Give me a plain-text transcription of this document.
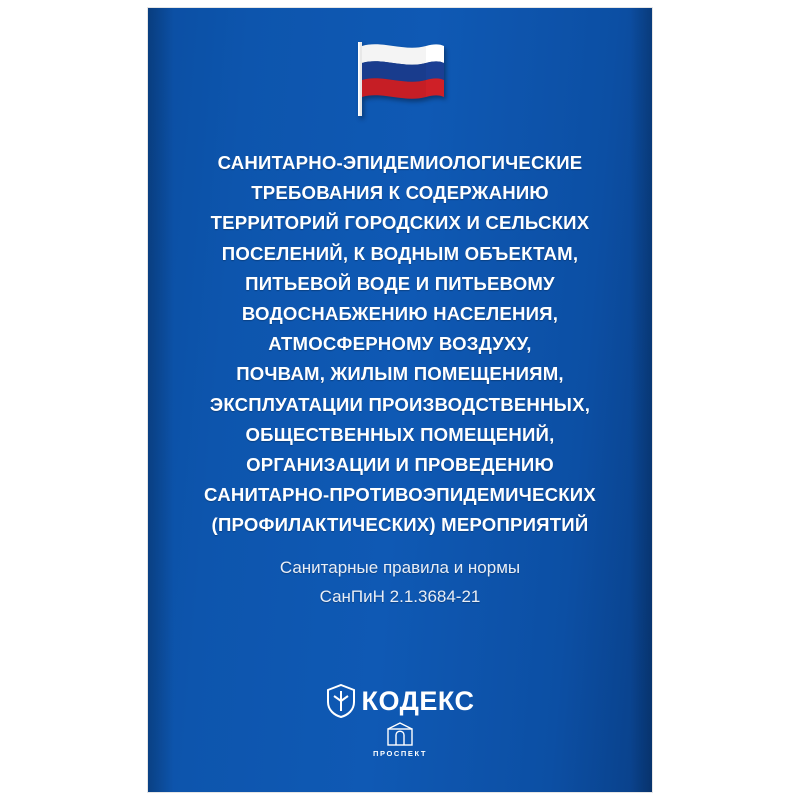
САНИТАРНО-ЭПИДЕМИОЛОГИЧЕСКИЕ
ТРЕБОВАНИЯ К СОДЕРЖАНИЮ
ТЕРРИТОРИЙ ГОРОДСКИХ И СЕЛЬСКИХ
ПОСЕЛЕНИЙ, К ВОДНЫМ ОБЪЕКТАМ,
ПИТЬЕВОЙ ВОДЕ И ПИТЬЕВОМУ
ВОДОСНАБЖЕНИЮ НАСЕЛЕНИЯ,
АТМОСФЕРНОМУ ВОЗДУХУ,
ПОЧВАМ, ЖИЛЫМ ПОМЕЩЕНИЯМ,
ЭКСПЛУАТАЦИИ ПРОИЗВОДСТВЕННЫХ,
ОБЩЕСТВЕННЫХ ПОМЕЩЕНИЙ,
ОРГАНИЗАЦИИ И ПРОВЕДЕНИЮ
САНИТАРНО-ПРОТИВОЭПИДЕМИЧЕСКИХ
(ПРОФИЛАКТИЧЕСКИХ) МЕРОПРИЯТИЙ
Санитарные правила и нормы
СанПиН 2.1.3684-21
КОДЕКС
ПРОСПЕКТ
